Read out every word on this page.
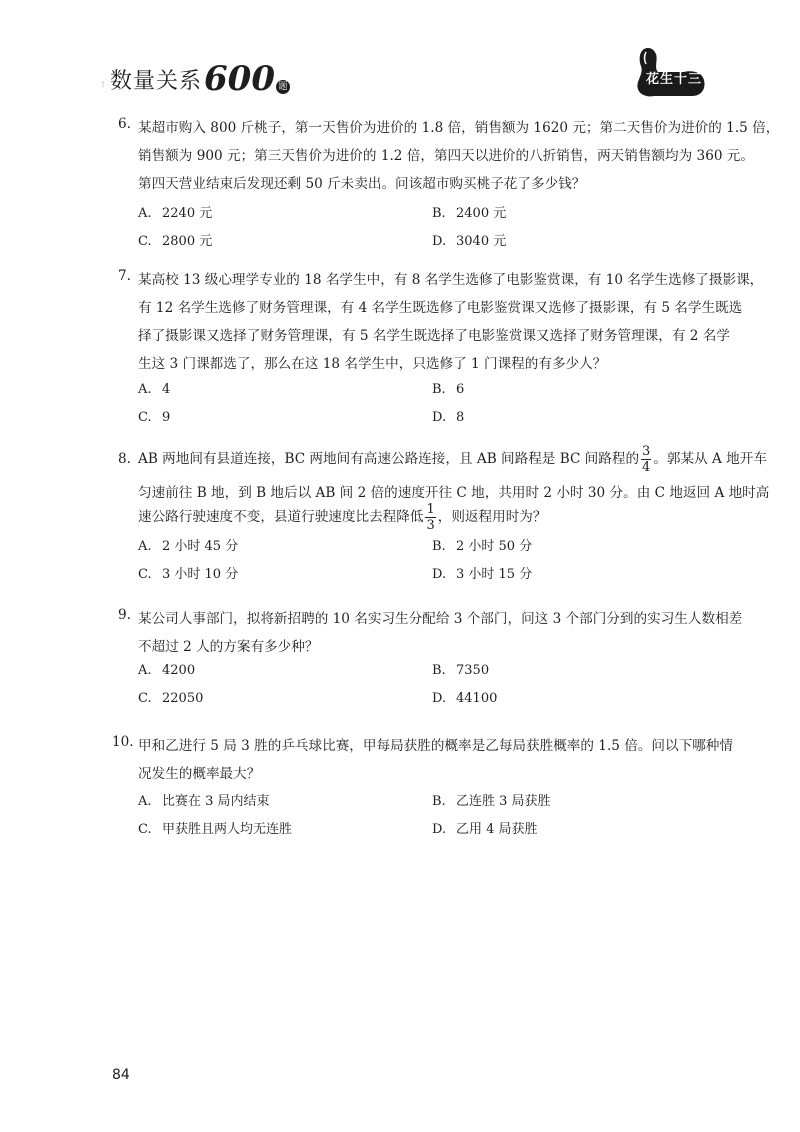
⋮ 数量关系 600 题	花生十三
6. 某超市购入 800 斤桃子，第一天售价为进价的 1.8 倍，销售额为 1620 元；第二天售价为进价的 1.5 倍，
销售额为 900 元；第三天售价为进价的 1.2 倍，第四天以进价的八折销售，两天销售额均为 360 元。
第四天营业结束后发现还剩 50 斤未卖出。问该超市购买桃子花了多少钱？
A. 2240 元	B. 2400 元
C. 2800 元	D. 3040 元
7. 某高校 13 级心理学专业的 18 名学生中，有 8 名学生选修了电影鉴赏课，有 10 名学生选修了摄影课，
有 12 名学生选修了财务管理课，有 4 名学生既选修了电影鉴赏课又选修了摄影课，有 5 名学生既选
择了摄影课又选择了财务管理课，有 5 名学生既选择了电影鉴赏课又选择了财务管理课，有 2 名学
生这 3 门课都选了，那么在这 18 名学生中，只选修了 1 门课程的有多少人？
A. 4	B. 6
C. 9	D. 8
8. AB 两地间有县道连接，BC 两地间有高速公路连接，且 AB 间路程是 BC 间路程的 $\frac{3}{4}$ 。郭某从 A 地开车
匀速前往 B 地，到 B 地后以 AB 间 2 倍的速度开往 C 地，共用时 2 小时 30 分。由 C 地返回 A 地时高
速公路行驶速度不变，县道行驶速度比去程降低 $\frac{1}{3}$ ，则返程用时为？
A. 2 小时 45 分	B. 2 小时 50 分
C. 3 小时 10 分	D. 3 小时 15 分
9. 某公司人事部门，拟将新招聘的 10 名实习生分配给 3 个部门，问这 3 个部门分到的实习生人数相差
不超过 2 人的方案有多少种？
A. 4200	B. 7350
C. 22050	D. 44100
10. 甲和乙进行 5 局 3 胜的乒乓球比赛，甲每局获胜的概率是乙每局获胜概率的 1.5 倍。问以下哪种情
况发生的概率最大？
A. 比赛在 3 局内结束	B. 乙连胜 3 局获胜
C. 甲获胜且两人均无连胜	D. 乙用 4 局获胜
84
